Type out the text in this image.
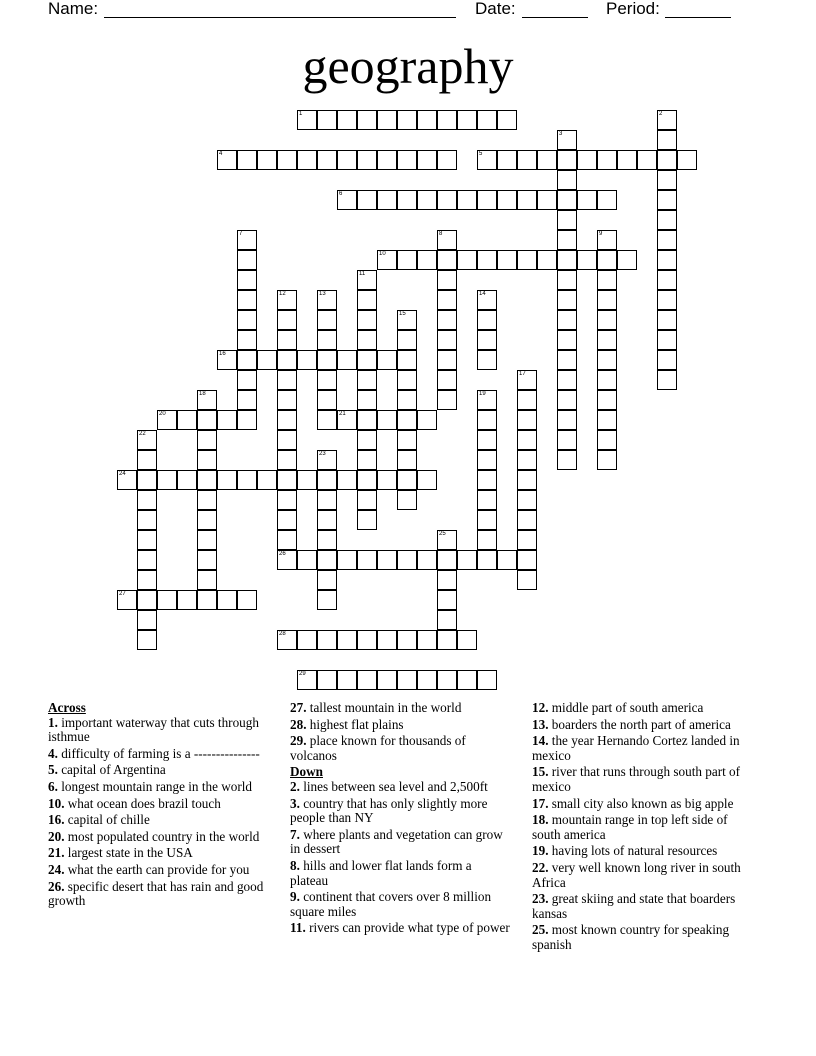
Name:	Date:	Period:
geography
1
4	5
6
10
16
20	21
24
26
27
28
29
2
3
7	8	9
11
12	13	14
15
17
18	19
22
23
25
Across
1. important waterway that cuts through isthmue
4. difficulty of farming is a ---------------
5. capital of Argentina
6. longest mountain range in the world
10. what ocean does brazil touch
16. capital of chille
20. most populated country in the world
21. largest state in the USA
24. what the earth can provide for you
26. specific desert that has rain and good growth
27. tallest mountain in the world
28. highest flat plains
29. place known for thousands of volcanos
Down
2. lines between sea level and 2,500ft
3. country that has only slightly more people than NY
7. where plants and vegetation can grow in dessert
8. hills and lower flat lands form a plateau
9. continent that covers over 8 million square miles
11. rivers can provide what type of power
12. middle part of south america
13. boarders the north part of america
14. the year Hernando Cortez landed in mexico
15. river that runs through south part of mexico
17. small city also known as big apple
18. mountain range in top left side of south america
19. having lots of natural resources
22. very well known long river in south Africa
23. great skiing and state that boarders kansas
25. most known country for speaking spanish
